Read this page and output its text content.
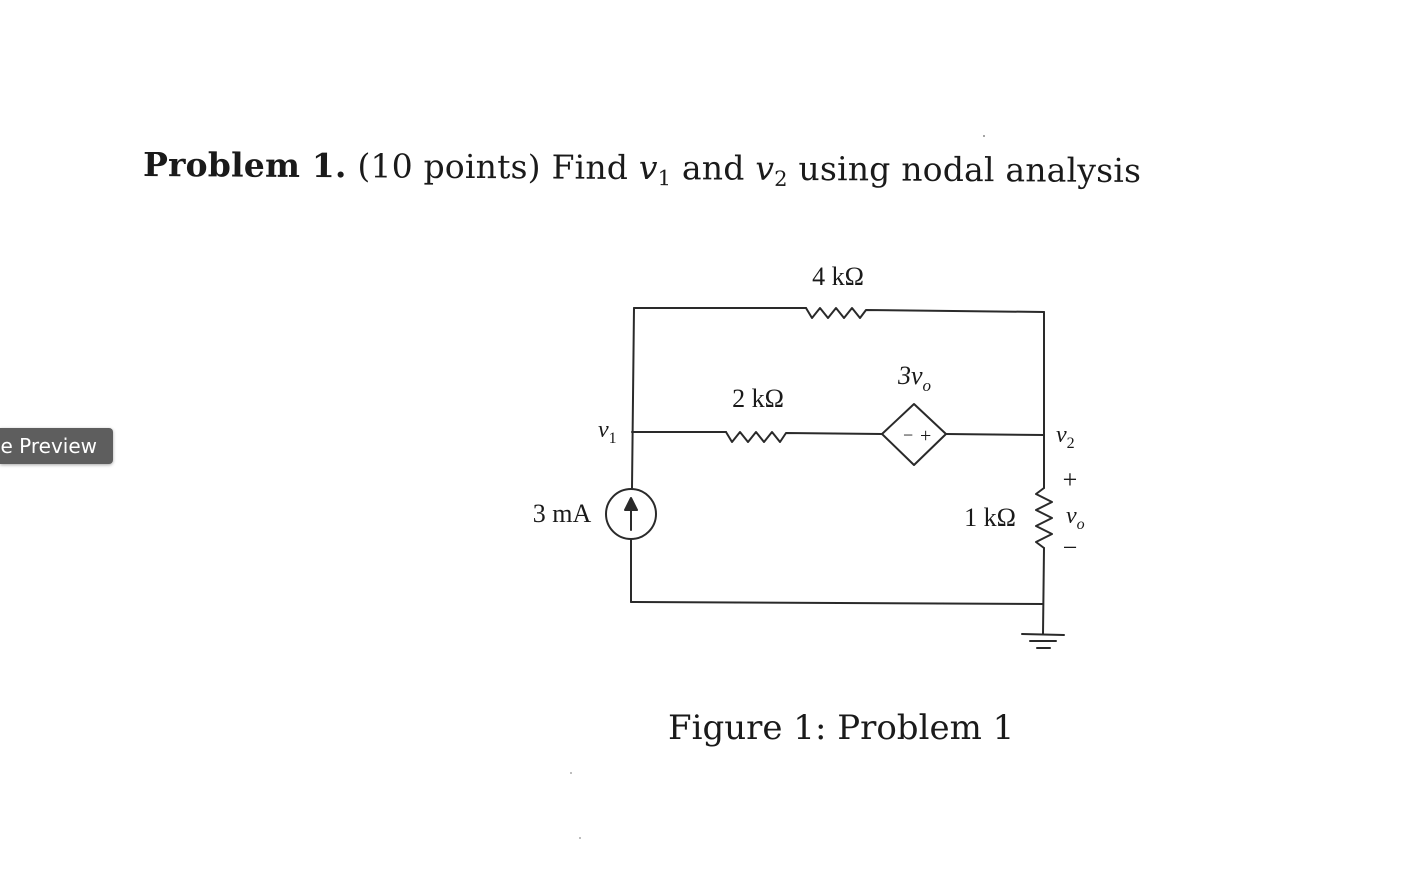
Problem 1. (10 points) Find $v_1$ and $v_2$ using nodal analysis
e Preview
4 kΩ
2 kΩ
1 kΩ
3 mA
$3v_o$
− +
$v_1$	$v_2$
+
$v_o$
−
Figure 1: Problem 1
